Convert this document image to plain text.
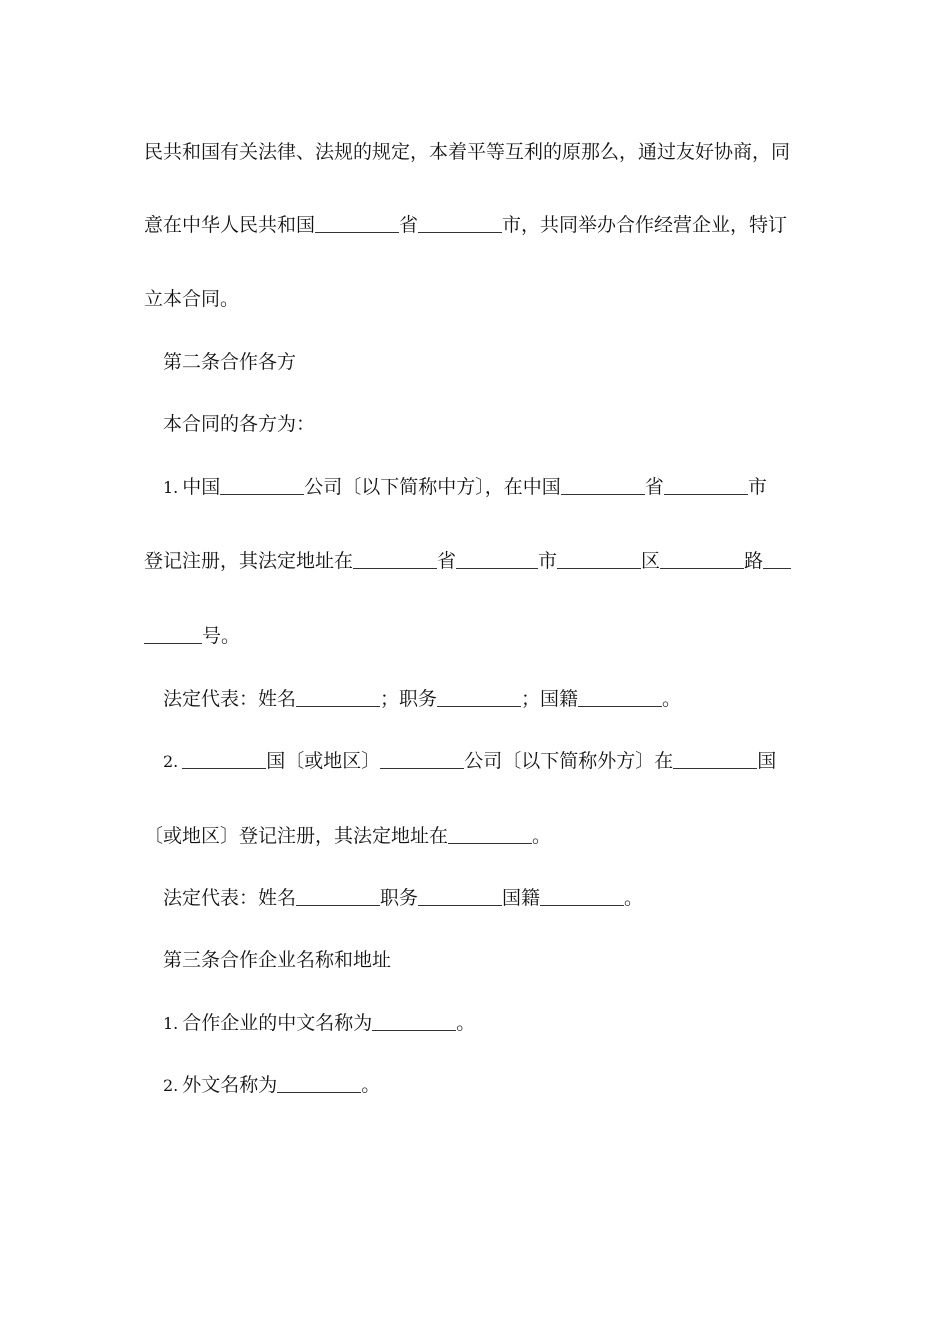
民共和国有关法律、法规的规定，本着平等互利的原那么，通过友好协商，同
意在中华人民共和国	省	市，共同举办合作经营企业，特订
立本合同。
第二条合作各方
本合同的各方为：
1. 中国	公司〔以下简称中方〕，在中国	省	市
登记注册，其法定地址在	省	市	区	路
号。
法定代表：姓名	；职务	；国籍	。
2.	国〔或地区〕	公司〔以下简称外方〕在	国
〔或地区〕登记注册，其法定地址在	。
法定代表：姓名	职务	国籍	。
第三条合作企业名称和地址
1. 合作企业的中文名称为	。
2. 外文名称为	。
